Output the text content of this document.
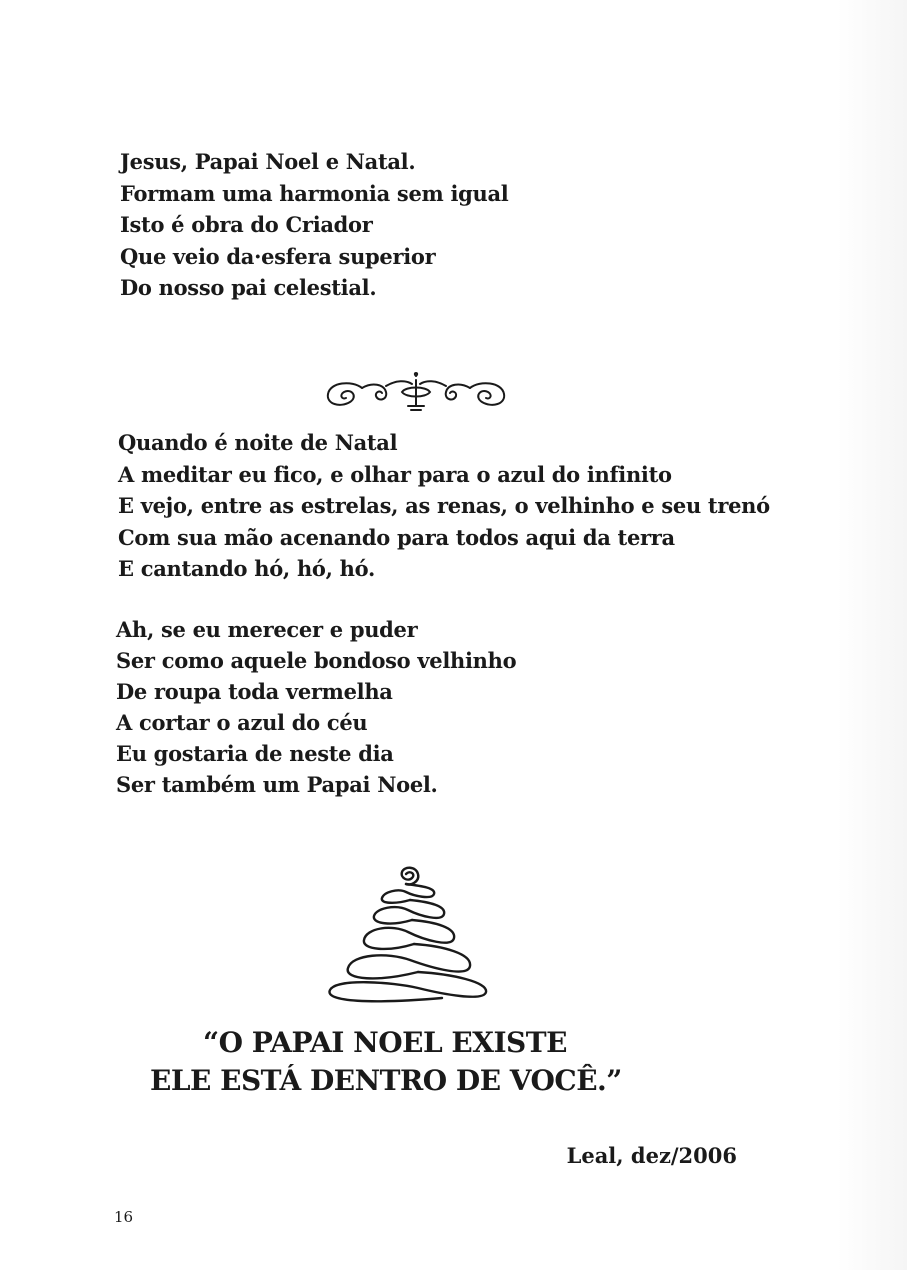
Jesus, Papai Noel e Natal.
Formam uma harmonia sem igual
Isto é obra do Criador
Que veio da·esfera superior
Do nosso pai celestial.
Quando é noite de Natal
A meditar eu fico, e olhar para o azul do infinito
E vejo, entre as estrelas, as renas, o velhinho e seu trenó
Com sua mão acenando para todos aqui da terra
E cantando hó, hó, hó.
Ah, se eu merecer e puder
Ser como aquele bondoso velhinho
De roupa toda vermelha
A cortar o azul do céu
Eu gostaria de neste dia
Ser também um Papai Noel.
“O PAPAI NOEL EXISTE
ELE ESTÁ DENTRO DE VOCÊ.”
Leal, dez/2006
16
